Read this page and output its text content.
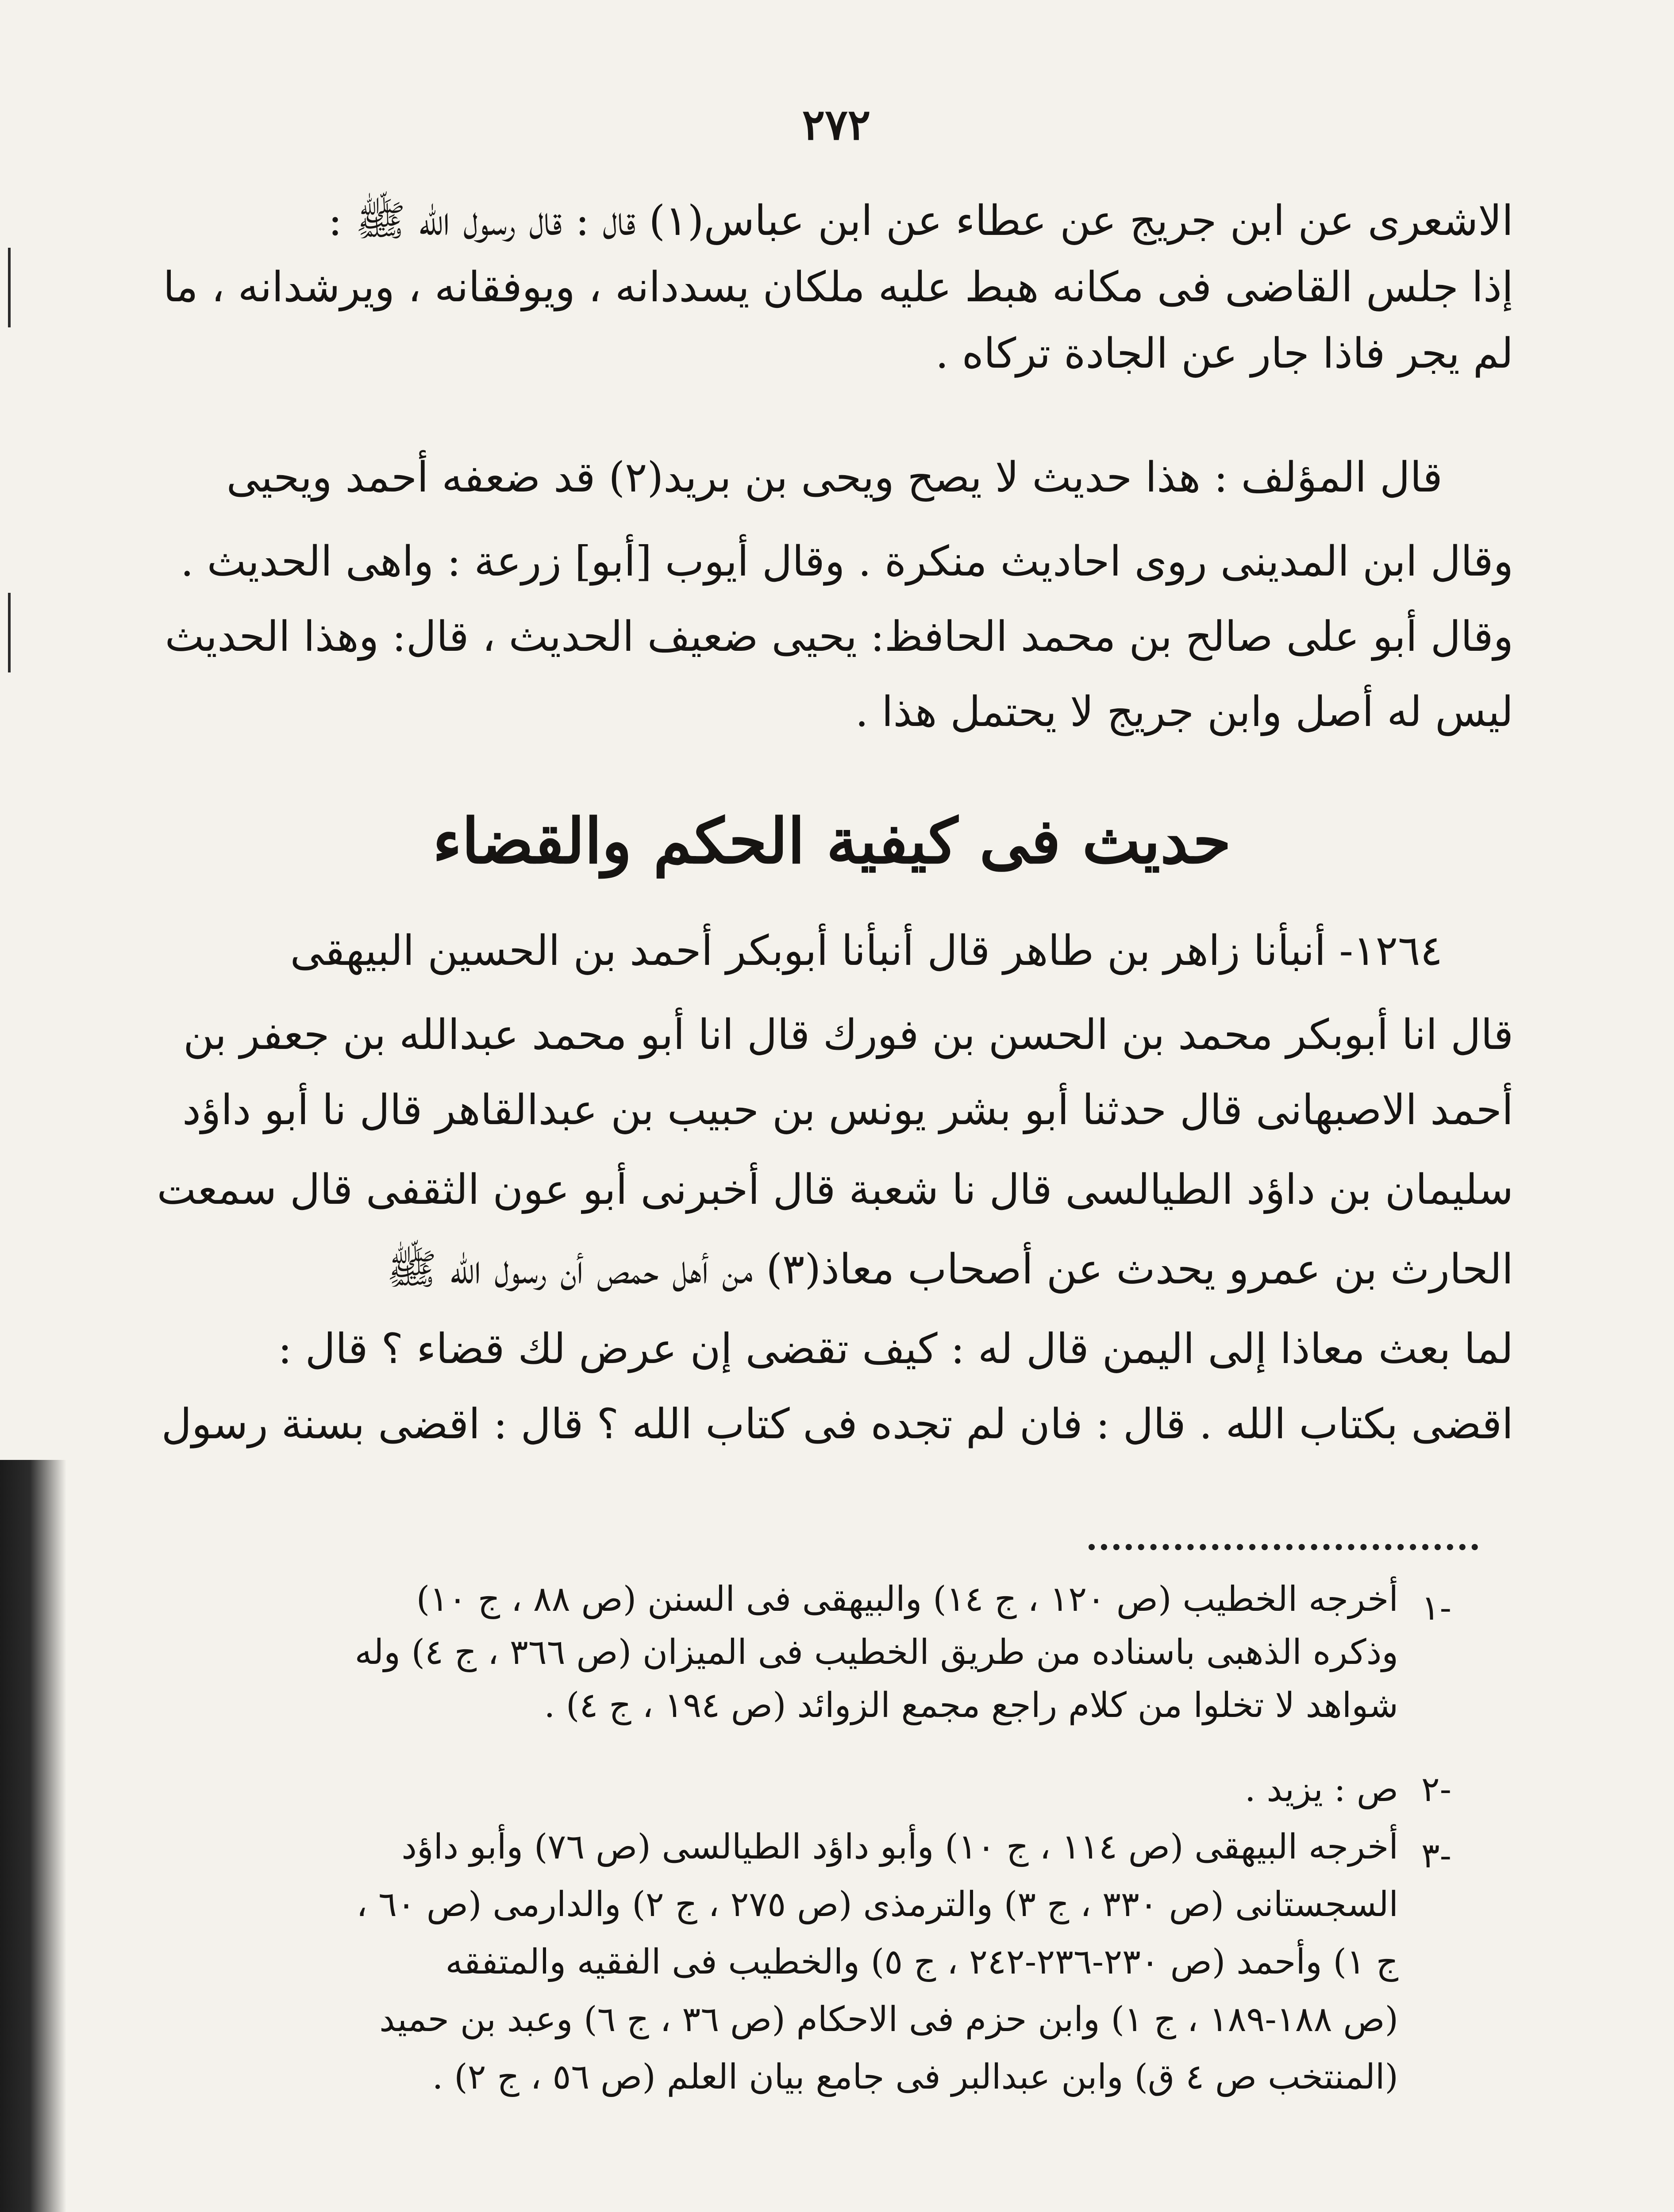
٢٧٢
الاشعرى عن ابن جريج عن عطاء عن ابن عباس(١) قال : قال رسول الله ﷺ :
إذا جلس القاضى فى مكانه هبط عليه ملكان يسددانه ، ويوفقانه ، ويرشدانه ، ما
لم يجر فاذا جار عن الجادة تركاه .
قال المؤلف : هذا حديث لا يصح ويحى بن بريد(٢) قد ضعفه أحمد ويحيى
وقال ابن المدينى روى احاديث منكرة . وقال أيوب [أبو] زرعة : واهى الحديث .
وقال أبو على صالح بن محمد الحافظ: يحيى ضعيف الحديث ، قال: وهذا الحديث
ليس له أصل وابن جريج لا يحتمل هذا .
حديث فى كيفية الحكم والقضاء
١٢٦٤- أنبأنا زاهر بن طاهر قال أنبأنا أبوبكر أحمد بن الحسين البيهقى
قال انا أبوبكر محمد بن الحسن بن فورك قال انا أبو محمد عبدالله بن جعفر بن
أحمد الاصبهانى قال حدثنا أبو بشر يونس بن حبيب بن عبدالقاهر قال نا أبو داؤد
سليمان بن داؤد الطيالسى قال نا شعبة قال أخبرنى أبو عون الثقفى قال سمعت
الحارث بن عمرو يحدث عن أصحاب معاذ(٣) من أهل حمص أن رسول الله ﷺ
لما بعث معاذا إلى اليمن قال له : كيف تقضى إن عرض لك قضاء ؟ قال :
اقضى بكتاب الله . قال : فان لم تجده فى كتاب الله ؟ قال : اقضى بسنة رسول
١-
أخرجه الخطيب (ص ١٢٠ ، ج ١٤) والبيهقى فى السنن (ص ٨٨ ، ج ١٠)
وذكره الذهبى باسناده من طريق الخطيب فى الميزان (ص ٣٦٦ ، ج ٤) وله
شواهد لا تخلوا من كلام راجع مجمع الزوائد (ص ١٩٤ ، ج ٤) .
٢-
ص : يزيد .
٣-
أخرجه البيهقى (ص ١١٤ ، ج ١٠) وأبو داؤد الطيالسى (ص ٧٦) وأبو داؤد
السجستانى (ص ٣٣٠ ، ج ٣) والترمذى (ص ٢٧٥ ، ج ٢) والدارمى (ص ٦٠ ،
ج ١) وأحمد (ص ٢٣٠-٢٣٦-٢٤٢ ، ج ٥) والخطيب فى الفقيه والمتفقه
(ص ١٨٨-١٨٩ ، ج ١) وابن حزم فى الاحكام (ص ٣٦ ، ج ٦) وعبد بن حميد
(المنتخب ص ٤ ق) وابن عبدالبر فى جامع بيان العلم (ص ٥٦ ، ج ٢) .
